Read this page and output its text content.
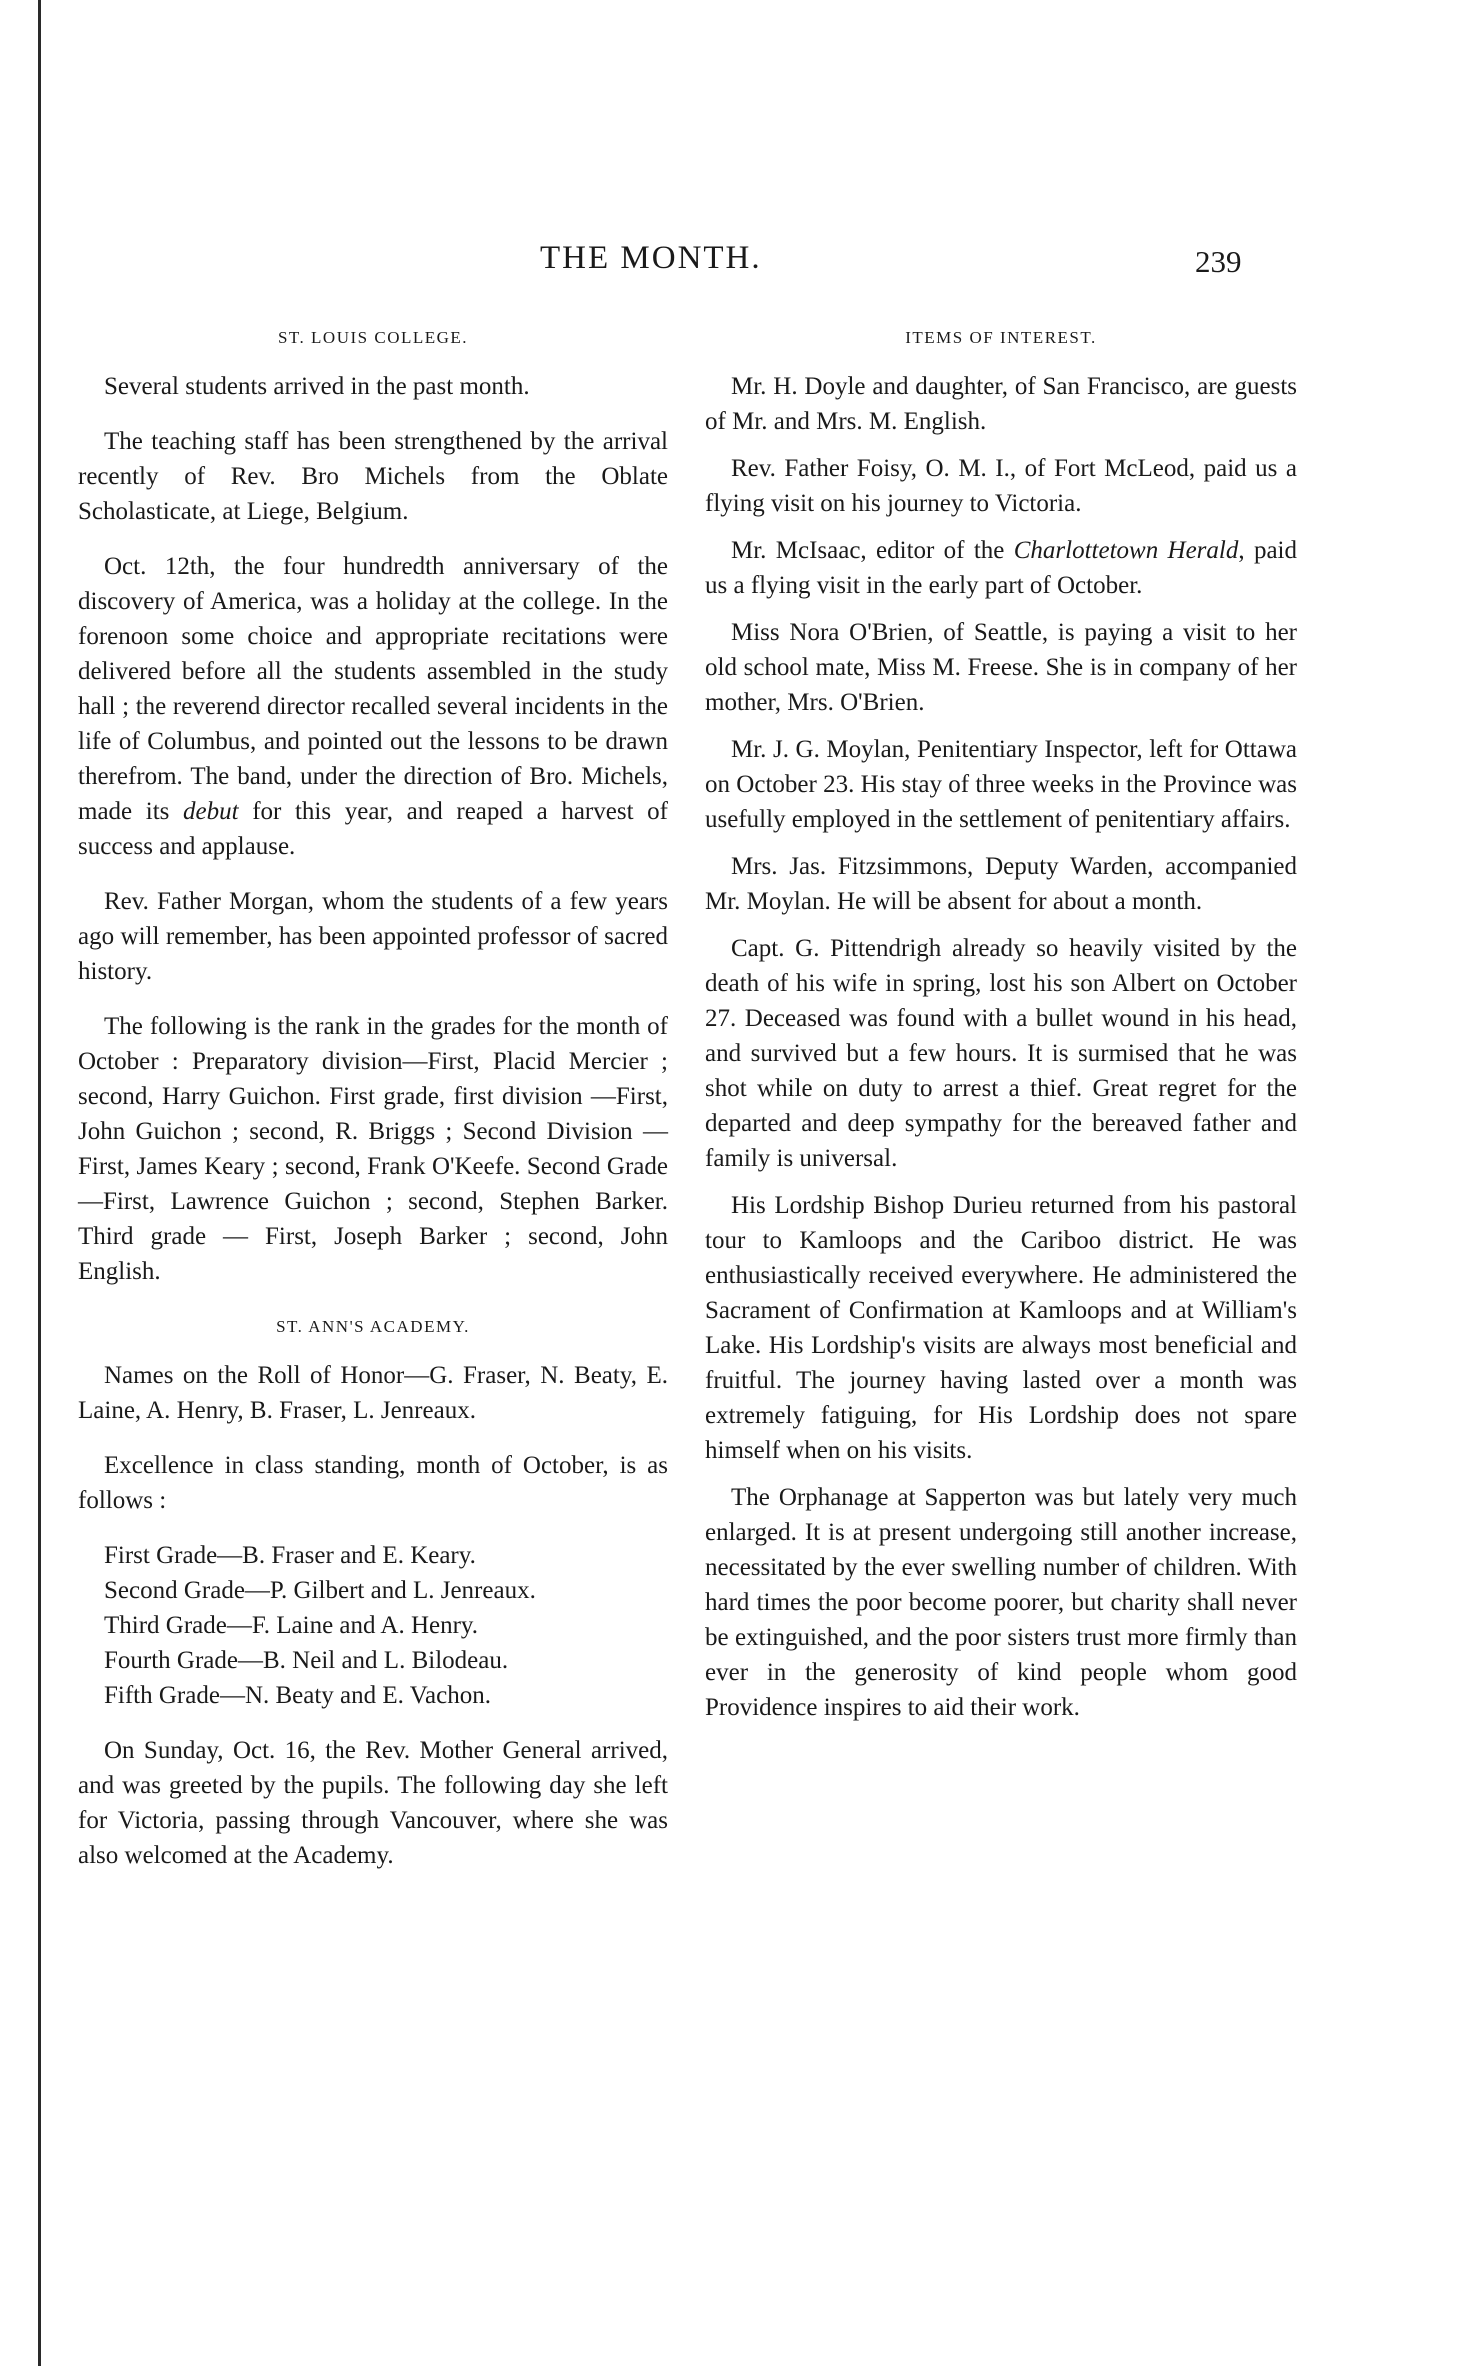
THE MONTH.	239
ST. LOUIS COLLEGE.

Several students arrived in the past month.

The teaching staff has been strengthened by the arrival recently of Rev. Bro Michels from the Oblate Scholasticate, at Liege, Belgium.

Oct. 12th, the four hundredth anniversary of the discovery of America, was a holiday at the college. In the forenoon some choice and appropriate recitations were delivered before all the students assembled in the study hall ; the reverend director recalled several incidents in the life of Columbus, and pointed out the lessons to be drawn therefrom. The band, under the direction of Bro. Michels, made its debut for this year, and reaped a harvest of success and applause.

Rev. Father Morgan, whom the students of a few years ago will remember, has been appointed professor of sacred history.

The following is the rank in the grades for the month of October : Preparatory division—First, Placid Mercier ; second, Harry Guichon. First grade, first division —First, John Guichon ; second, R. Briggs ; Second Division — First, James Keary ; second, Frank O'Keefe. Second Grade—First, Lawrence Guichon ; second, Stephen Barker. Third grade — First, Joseph Barker ; second, John English.

ST. ANN'S ACADEMY.

Names on the Roll of Honor—G. Fraser, N. Beaty, E. Laine, A. Henry, B. Fraser, L. Jenreaux.

Excellence in class standing, month of October, is as follows :

First Grade—B. Fraser and E. Keary.
Second Grade—P. Gilbert and L. Jenreaux.
Third Grade—F. Laine and A. Henry.
Fourth Grade—B. Neil and L. Bilodeau.
Fifth Grade—N. Beaty and E. Vachon.

On Sunday, Oct. 16, the Rev. Mother General arrived, and was greeted by the pupils. The following day she left for Victoria, passing through Vancouver, where she was also welcomed at the Academy.

ITEMS OF INTEREST.

Mr. H. Doyle and daughter, of San Francisco, are guests of Mr. and Mrs. M. English.

Rev. Father Foisy, O. M. I., of Fort McLeod, paid us a flying visit on his journey to Victoria.

Mr. McIsaac, editor of the Charlottetown Herald, paid us a flying visit in the early part of October.

Miss Nora O'Brien, of Seattle, is paying a visit to her old school mate, Miss M. Freese. She is in company of her mother, Mrs. O'Brien.

Mr. J. G. Moylan, Penitentiary Inspector, left for Ottawa on October 23. His stay of three weeks in the Province was usefully employed in the settlement of penitentiary affairs.

Mrs. Jas. Fitzsimmons, Deputy Warden, accompanied Mr. Moylan. He will be absent for about a month.

Capt. G. Pittendrigh already so heavily visited by the death of his wife in spring, lost his son Albert on October 27. Deceased was found with a bullet wound in his head, and survived but a few hours. It is surmised that he was shot while on duty to arrest a thief. Great regret for the departed and deep sympathy for the bereaved father and family is universal.

His Lordship Bishop Durieu returned from his pastoral tour to Kamloops and the Cariboo district. He was enthusiastically received everywhere. He administered the Sacrament of Confirmation at Kamloops and at William's Lake. His Lordship's visits are always most beneficial and fruitful. The journey having lasted over a month was extremely fatiguing, for His Lordship does not spare himself when on his visits.

The Orphanage at Sapperton was but lately very much enlarged. It is at present undergoing still another increase, necessitated by the ever swelling number of children. With hard times the poor become poorer, but charity shall never be extinguished, and the poor sisters trust more firmly than ever in the generosity of kind people whom good Providence inspires to aid their work.
